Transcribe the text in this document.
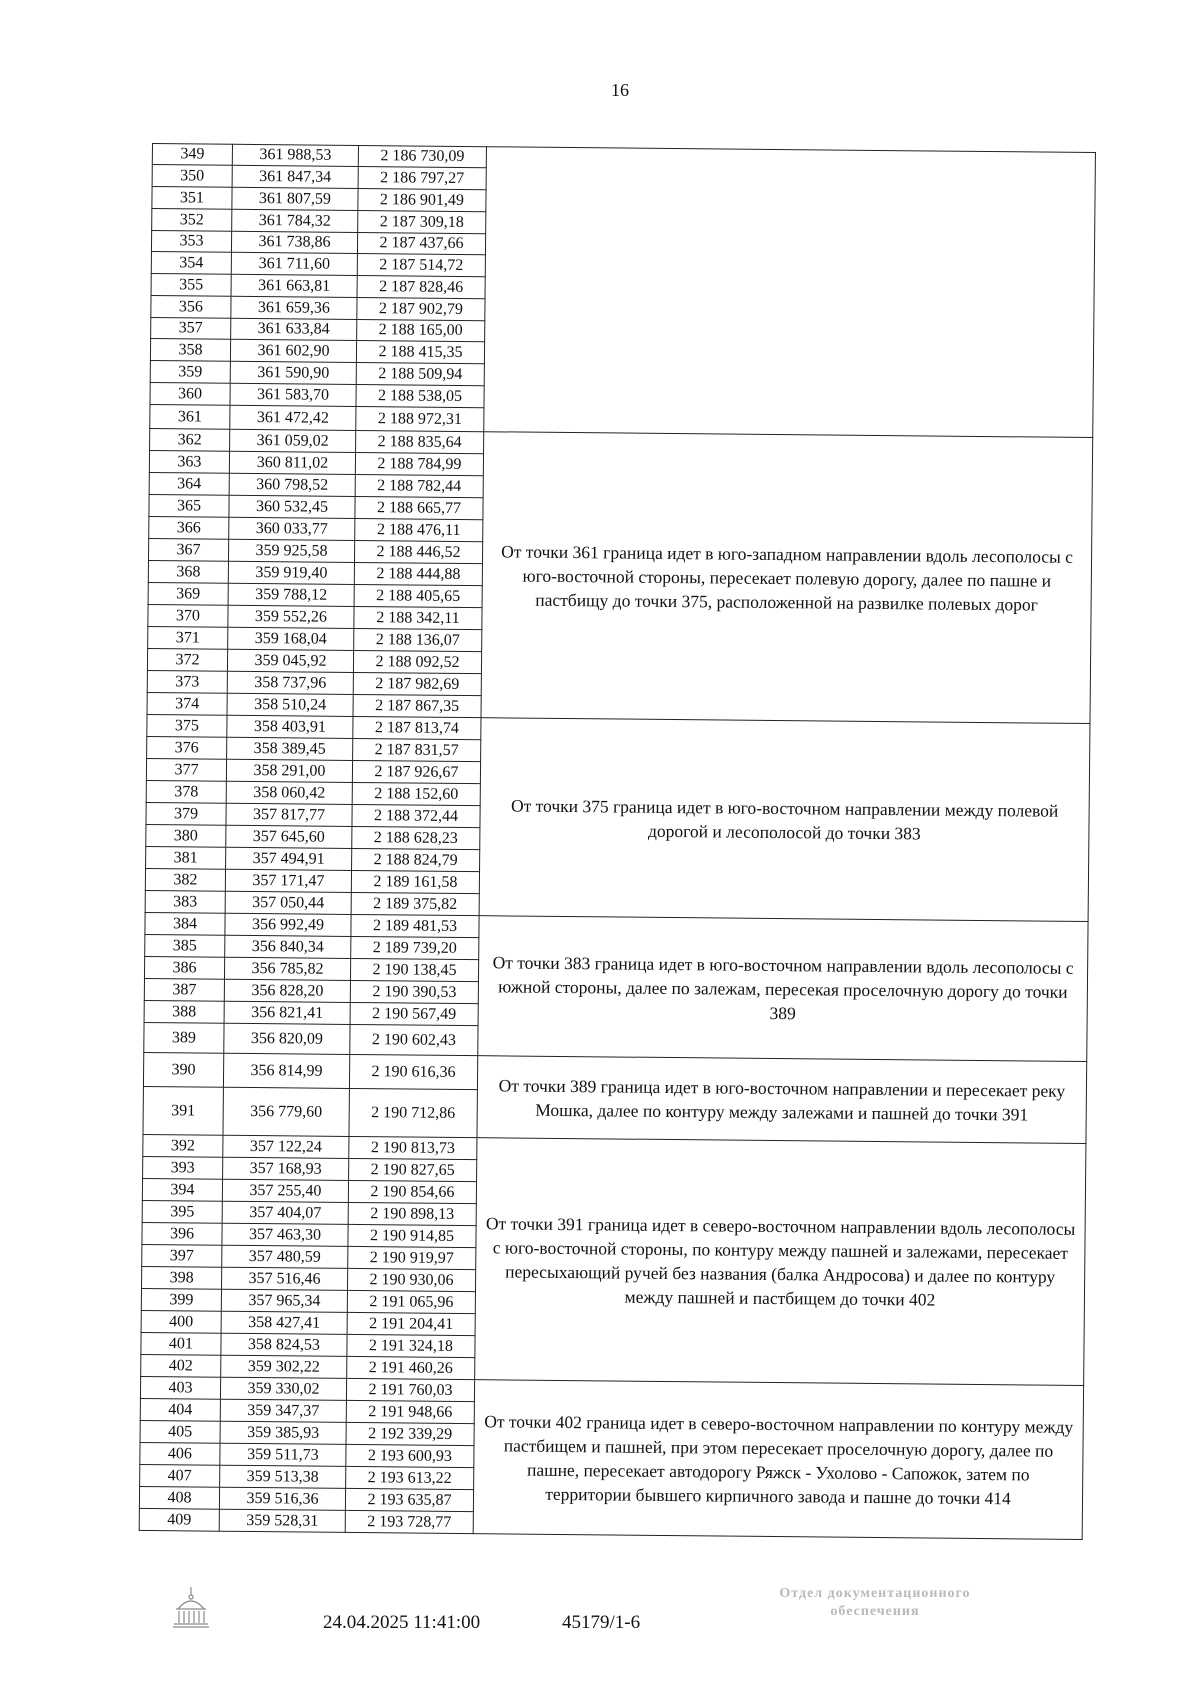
16
349	361 988,53	2 186 730,09	
350	361 847,34	2 186 797,27	
351	361 807,59	2 186 901,49	
352	361 784,32	2 187 309,18	
353	361 738,86	2 187 437,66	
354	361 711,60	2 187 514,72	
355	361 663,81	2 187 828,46	
356	361 659,36	2 187 902,79	
357	361 633,84	2 188 165,00	
358	361 602,90	2 188 415,35	
359	361 590,90	2 188 509,94	
360	361 583,70	2 188 538,05	
361	361 472,42	2 188 972,31	
362	361 059,02	2 188 835,64	От точки 361 граница идет в юго-западном направлении вдоль лесополосы с юго-восточной стороны, пересекает полевую дорогу, далее по пашне и пастбищу до точки 375, расположенной на развилке полевых дорог
363	360 811,02	2 188 784,99	
364	360 798,52	2 188 782,44	
365	360 532,45	2 188 665,77	
366	360 033,77	2 188 476,11	
367	359 925,58	2 188 446,52	
368	359 919,40	2 188 444,88	
369	359 788,12	2 188 405,65	
370	359 552,26	2 188 342,11	
371	359 168,04	2 188 136,07	
372	359 045,92	2 188 092,52	
373	358 737,96	2 187 982,69	
374	358 510,24	2 187 867,35	
375	358 403,91	2 187 813,74	От точки 375 граница идет в юго-восточном направлении между полевой дорогой и лесополосой до точки 383
376	358 389,45	2 187 831,57	
377	358 291,00	2 187 926,67	
378	358 060,42	2 188 152,60	
379	357 817,77	2 188 372,44	
380	357 645,60	2 188 628,23	
381	357 494,91	2 188 824,79	
382	357 171,47	2 189 161,58	
383	357 050,44	2 189 375,82	
384	356 992,49	2 189 481,53	От точки 383 граница идет в юго-восточном направлении вдоль лесополосы с южной стороны, далее по залежам, пересекая проселочную дорогу до точки 389
385	356 840,34	2 189 739,20	
386	356 785,82	2 190 138,45	
387	356 828,20	2 190 390,53	
388	356 821,41	2 190 567,49	
389	356 820,09	2 190 602,43	
390	356 814,99	2 190 616,36	От точки 389 граница идет в юго-восточном направлении и пересекает реку Мошка, далее по контуру между залежами и пашней до точки 391
391	356 779,60	2 190 712,86	
392	357 122,24	2 190 813,73	От точки 391 граница идет в северо-восточном направлении вдоль лесополосы с юго-восточной стороны, по контуру между пашней и залежами, пересекает пересыхающий ручей без названия (балка Андросова) и далее по контуру между пашней и пастбищем до точки 402
393	357 168,93	2 190 827,65	
394	357 255,40	2 190 854,66	
395	357 404,07	2 190 898,13	
396	357 463,30	2 190 914,85	
397	357 480,59	2 190 919,97	
398	357 516,46	2 190 930,06	
399	357 965,34	2 191 065,96	
400	358 427,41	2 191 204,41	
401	358 824,53	2 191 324,18	
402	359 302,22	2 191 460,26	
403	359 330,02	2 191 760,03	От точки 402 граница идет в северо-восточном направлении по контуру между пастбищем и пашней, при этом пересекает проселочную дорогу, далее по пашне, пересекает автодорогу Ряжск - Ухолово - Сапожок, затем по территории бывшего кирпичного завода и пашне до точки 414
404	359 347,37	2 191 948,66	
405	359 385,93	2 192 339,29	
406	359 511,73	2 193 600,93	
407	359 513,38	2 193 613,22	
408	359 516,36	2 193 635,87	
409	359 528,31	2 193 728,77	
24.04.2025 11:41:00	45179/1-6
Отдел документационного обеспечения
